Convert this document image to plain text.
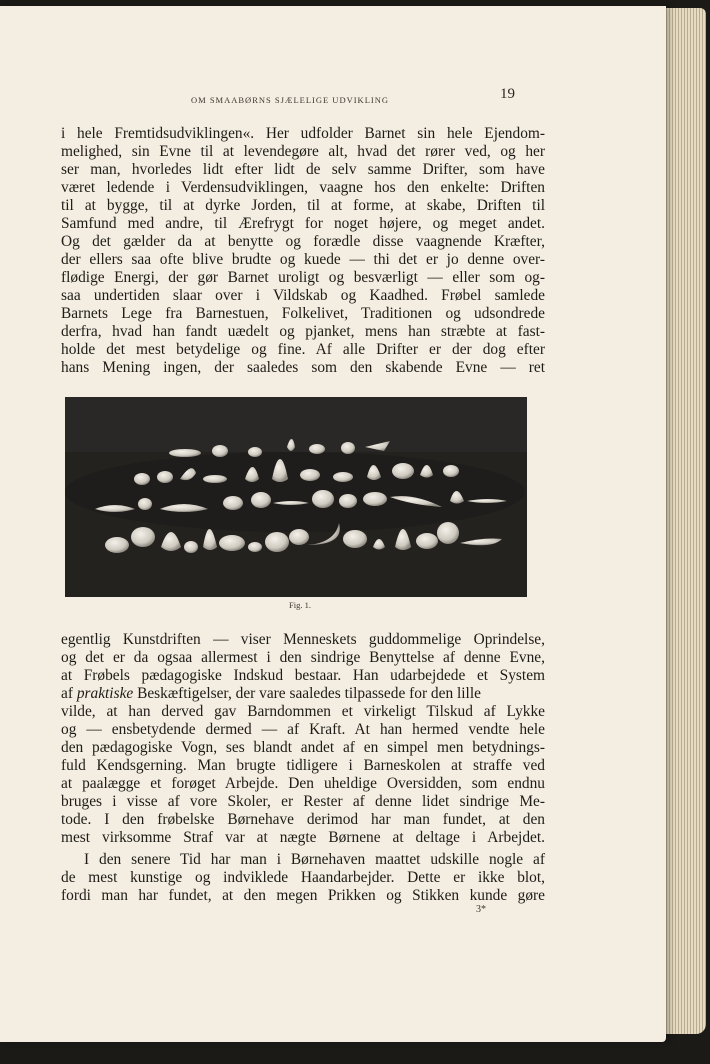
OM SMAABØRNS SJÆLELIGE UDVIKLING	19
i hele Fremtidsudviklingen«. Her udfolder Barnet sin hele Ejendom-
melighed, sin Evne til at levendegøre alt, hvad det rører ved, og her
ser man, hvorledes lidt efter lidt de selv samme Drifter, som have
været ledende i Verdensudviklingen, vaagne hos den enkelte: Driften
til at bygge, til at dyrke Jorden, til at forme, at skabe, Driften til
Samfund med andre, til Ærefrygt for noget højere, og meget andet.
Og det gælder da at benytte og forædle disse vaagnende Kræfter,
der ellers saa ofte blive brudte og kuede — thi det er jo denne over-
flødige Energi, der gør Barnet uroligt og besværligt — eller som og-
saa undertiden slaar over i Vildskab og Kaadhed. Frøbel samlede
Barnets Lege fra Barnestuen, Folkelivet, Traditionen og udsondrede
derfra, hvad han fandt uædelt og pjanket, mens han stræbte at fast-
holde det mest betydelige og fine. Af alle Drifter er der dog efter
hans Mening ingen, der saaledes som den skabende Evne — ret
Fig. 1.
egentlig Kunstdriften — viser Menneskets guddommelige Oprindelse,
og det er da ogsaa allermest i den sindrige Benyttelse af denne Evne,
at Frøbels pædagogiske Indskud bestaar. Han udarbejdede et System
af praktiske Beskæftigelser, der vare saaledes tilpassede for den lille
vilde, at han derved gav Barndommen et virkeligt Tilskud af Lykke
og — ensbetydende dermed — af Kraft. At han hermed vendte hele
den pædagogiske Vogn, ses blandt andet af en simpel men betydnings-
fuld Kendsgerning. Man brugte tidligere i Barneskolen at straffe ved
at paalægge et forøget Arbejde. Den uheldige Oversidden, som endnu
bruges i visse af vore Skoler, er Rester af denne lidet sindrige Me-
tode. I den frøbelske Børnehave derimod har man fundet, at den
mest virksomme Straf var at nægte Børnene at deltage i Arbejdet.
I den senere Tid har man i Børnehaven maattet udskille nogle af
de mest kunstige og indviklede Haandarbejder. Dette er ikke blot,
fordi man har fundet, at den megen Prikken og Stikken kunde gøre
3*
